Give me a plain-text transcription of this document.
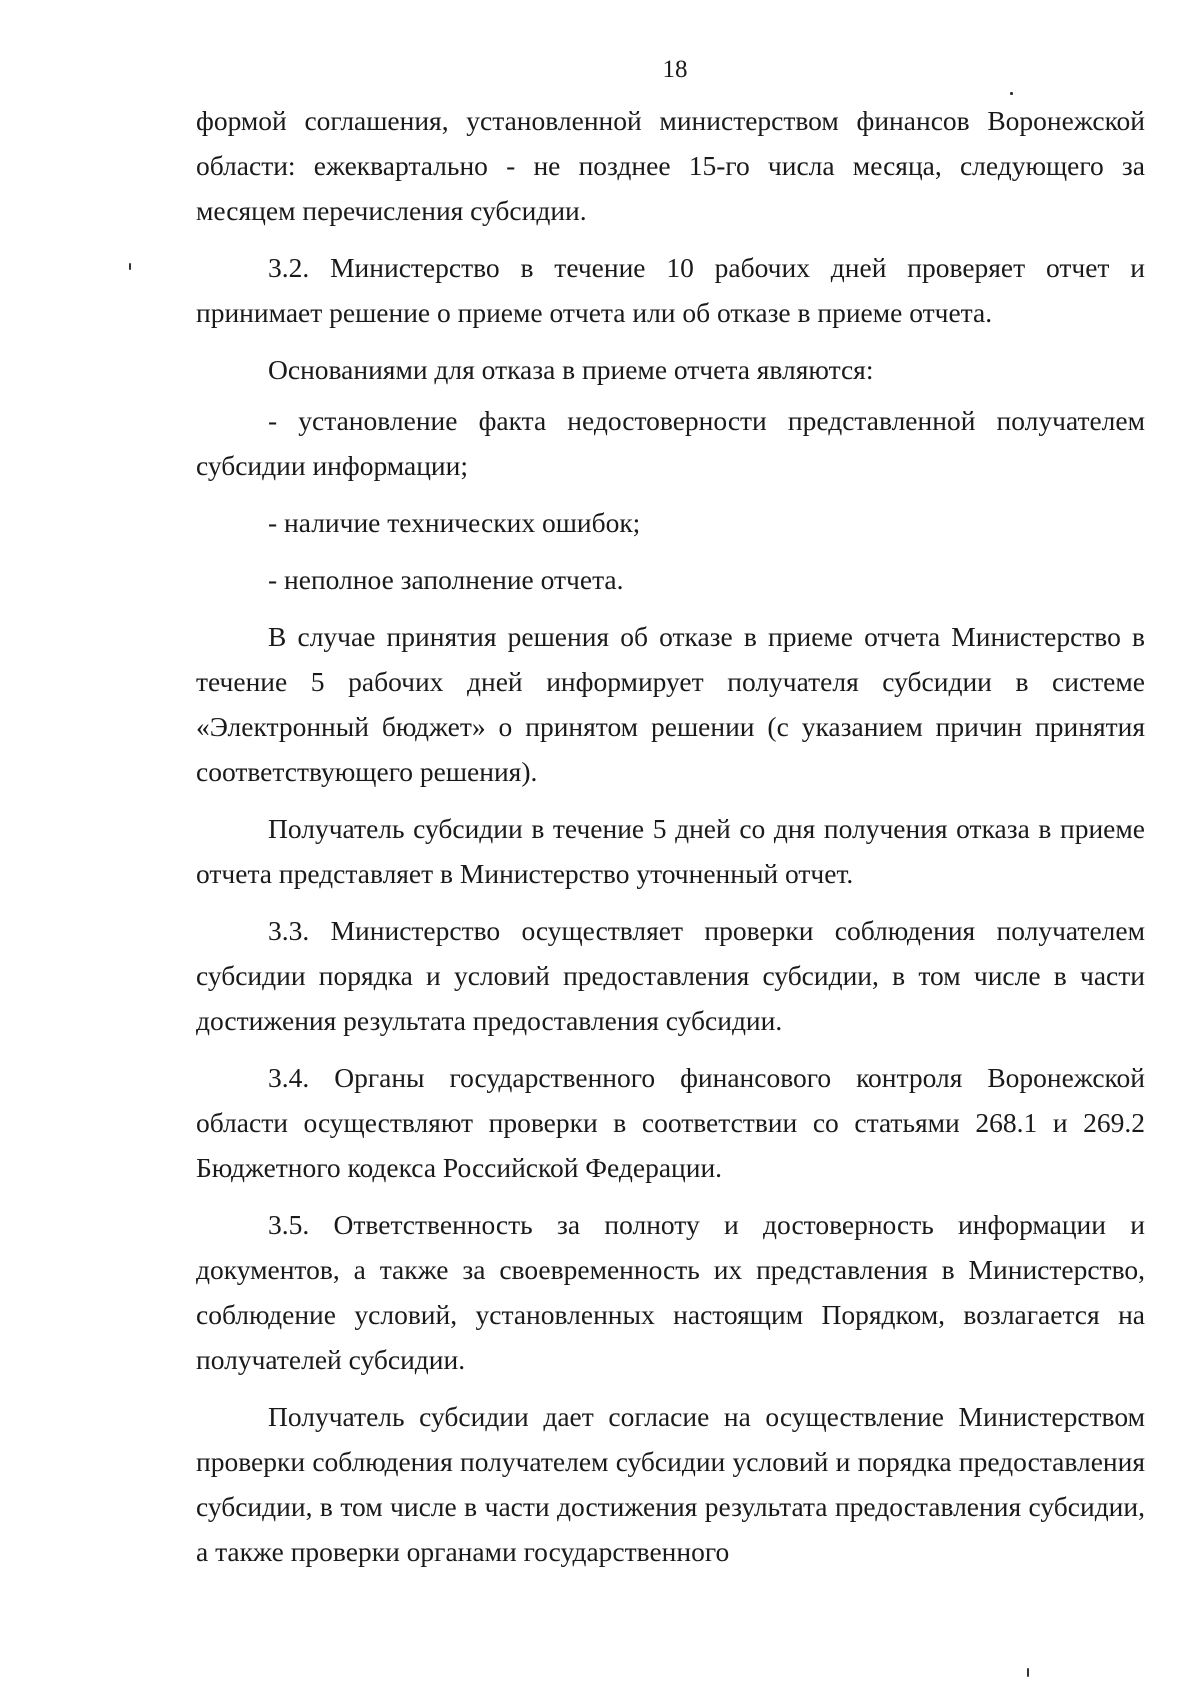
18

формой соглашения, установленной министерством финансов Воронежской области: ежеквартально - не позднее 15-го числа месяца, следующего за месяцем перечисления субсидии.

3.2. Министерство в течение 10 рабочих дней проверяет отчет и принимает решение о приеме отчета или об отказе в приеме отчета.

Основаниями для отказа в приеме отчета являются:

- установление факта недостоверности представленной получателем субсидии информации;

- наличие технических ошибок;

- неполное заполнение отчета.

В случае принятия решения об отказе в приеме отчета Министерство в течение 5 рабочих дней информирует получателя субсидии в системе «Электронный бюджет» о принятом решении (с указанием причин принятия соответствующего решения).

Получатель субсидии в течение 5 дней со дня получения отказа в приеме отчета представляет в Министерство уточненный отчет.

3.3. Министерство осуществляет проверки соблюдения получателем субсидии порядка и условий предоставления субсидии, в том числе в части достижения результата предоставления субсидии.

3.4. Органы государственного финансового контроля Воронежской области осуществляют проверки в соответствии со статьями 268.1 и 269.2 Бюджетного кодекса Российской Федерации.

3.5. Ответственность за полноту и достоверность информации и документов, а также за своевременность их представления в Министерство, соблюдение условий, установленных настоящим Порядком, возлагается на получателей субсидии.

Получатель субсидии дает согласие на осуществление Министерством проверки соблюдения получателем субсидии условий и порядка предоставления субсидии, в том числе в части достижения результата предоставления субсидии, а также проверки органами государственного
